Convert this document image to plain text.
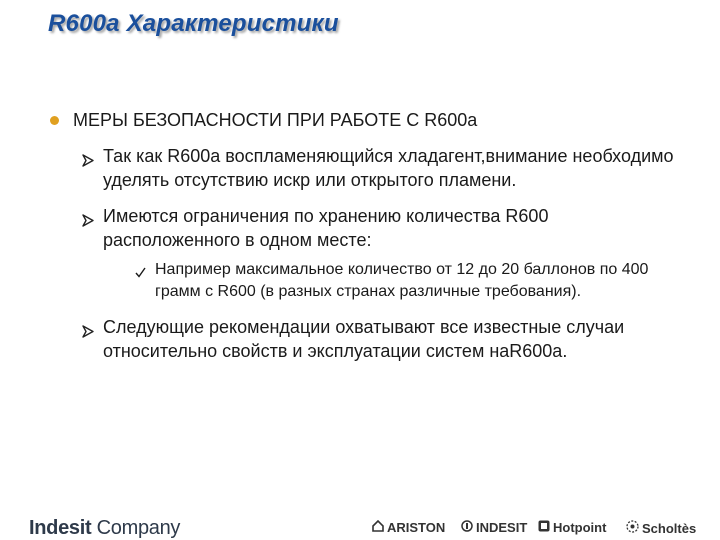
R600a Характеристики
МЕРЫ БЕЗОПАСНОСТИ ПРИ РАБОТЕ С R600a
Так как R600a воспламеняющийся хладагент,внимание необходимо уделять отсутствию искр или открытого пламени.
Имеются ограничения по хранению количества R600 расположенного в одном месте:
Например максимальное количество от 12 до 20 баллонов по 400 грамм с R600 (в разных странах различные требования).
Следующие рекомендации охватывают все известные случаи относительно свойств и эксплуатации систем наR600a.
Indesit Company	ARISTON INDESIT Hotpoint	Scholtès
